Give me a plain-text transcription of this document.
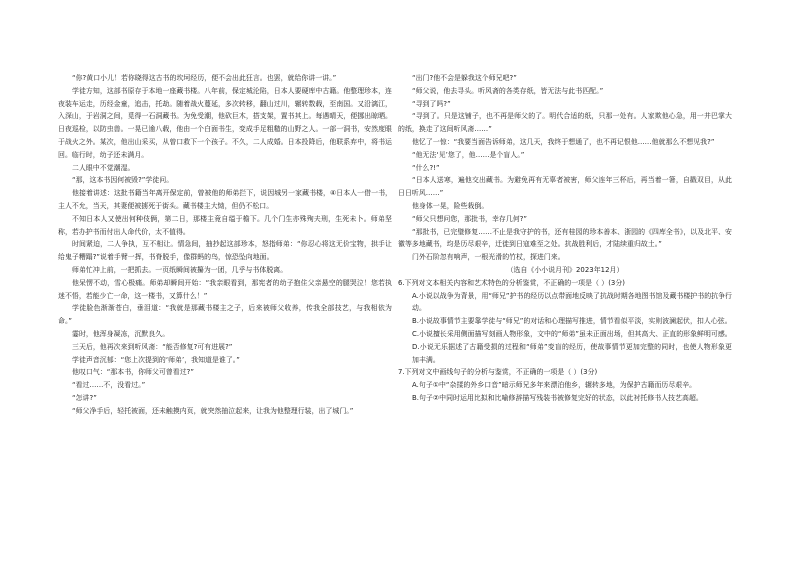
“你?黄口小儿！若你晓得这古书的坎坷经历，便不会出此狂言。也罢，就给你讲一讲。”

学徒方知，这部书原存于本地一座藏书楼。八年前，保定城沦陷，日本人要硬库中古籍。他整理珍本，连夜装车运走，历经金童，追击，托劫。随着战火蔓延，多次转移，翻山过川，辗转数载，至南国。又沿漓江，入深山，于岩洞之间，觅得一石洞藏书。为免受潮，他砍巨木，搭支架，置书其上。每遇晴天，便挪出晾晒。日夜巡检，以防虫兽。一晃已逾八载，他由一个白面书生，变成手足粗糙的山野之人。一部一洞书，安然度眼于战火之外。某次，他出山采买，从曾口救下一个孩子。不久，二人成婚。日本投降后，他联系弃中，将书运回。临行时，幼子还未满月。

二人眼中不觉潮湿。

“那，这本书因何被毁?”学徒问。

他接着讲述：这批书籍当年离开保定前，曾被他的师弟拦下，说因城另一家藏书楼，④日本人一借一书，主人不允，当天，其妻便被掳死于街头。藏书楼主大恸，但仍不松口。

不知日本人又使出何种伎俩，第二日，那楼主竟自缢于檐下。几个门生亦殊殉夫刑，生死未卜。师弟坚称，若办护书而付出人命代价，太不值得。

时间紧迫，二人争执，互不相让。情急间，抽抄起这部珍本，怒指师弟：“你忍心将这无价宝物，拱手让给鬼子糟蹋?”说着手臂一挥，书脊脱手，像群蚂的鸟，惊恐坠向地面。

师弟忙冲上前，一把抓去。一页纸瞬间被攥为一团，几乎与书体脱离。

他呆愣不动，雪心极痛。师弟却瞬间开始：“我亲眼看到，那宪者的幼子抱住父亲悬空的腿哭泣！您若执迷不悟，若能少亡一命，这一楼书，又算什么！”

学徒脸色渐渐苍白，垂泪道：“我就是那藏书楼主之子，后来被师父收养，传我全部技艺，与我相依为命。”

霎时，他浑身凝冻，沉默良久。

三天后，他再次来到听风斋：“能否修复?可有进展?”

学徒声音沉郁：“您上次提到的‘师弟’，我知道是谁了。”

他叹口气：“那本书，你师父可曾看过?”

“看过……不，没看过。”

“怎讲?”

“师父净手后，轻托被面，还未触摸内页，就突然抽泣起来，让我为他整理行装，出了城门。”

“出门?他不会是躲我这个师兄吧?”

“师父说，他去寻头。听风斋的各类存纸，皆无法与此书匹配。”

“寻到了吗?”

“寻到了。只是这铺子，也不再是师父的了。明代合适的纸，只那一处有。人家欺他心急，用一井巴掌大的纸，换走了这间听风斋……”

他忆了一惊：“我要当面告诉师弟，这几天，我终于想通了，也不再记恨他……他就那么不想见我?”

“他无法‘见’您了，他……是个盲人。”

“什么?!”

“日本人送寒，遍他交出藏书。为避免再有无辜者被害，师父连年三杯后，再当着一箸，自戳双目，从此日日听风……”

他身体一晃，险些栽倒。

“师父只想问您，那批书，幸存几何?”

“那批书，已完璧修复……不止是我守护的书，还有桂园的珍本善本、浙园的《四库全书》，以及北平、安徽等多地藏书，均是历尽艰辛，迁徙到日寇难至之处。抗战胜利后，才陆续重归故土。”

门外石阶忽有响声，一根光滑的竹杖，探进门来。

（选自《小小说月刊》2023年12月）

6.下列对文本相关内容和艺术特色的分析鉴赏，不正确的一项是（ ）(3分)

A.小说以战争为背景，用“师兄”护书的经历以点带面地反映了抗战时期各地图书馆及藏书楼护书的抗争行动。

B.小说故事情节主要靠学徒与“师兄”的对话和心理描写推进，情节看似平淡，实则波澜起伏，扣人心弦。

C.小说擅长采用侧面描写刻画人物形象，文中的“师弟”虽未正面出场，但其高大、正直的形象鲜明可感。

D.小说无乐据述了古籍受损的过程和“师弟”变盲的经历，使故事情节更加完整的同时，也使人物形象更加丰满。

7.下列对文中画线句子的分析与鉴赏，不正确的一项是（ ）(3分)

A.句子①中“杂揉的外乡口音”暗示师兄多年来漂泊他乡，辗转多地，为保护古籍而历尽艰辛。

B.句子②中同时运用比拟和比喻修辞描写残装书被修复完好的状态，以此衬托修书人技艺高超。
